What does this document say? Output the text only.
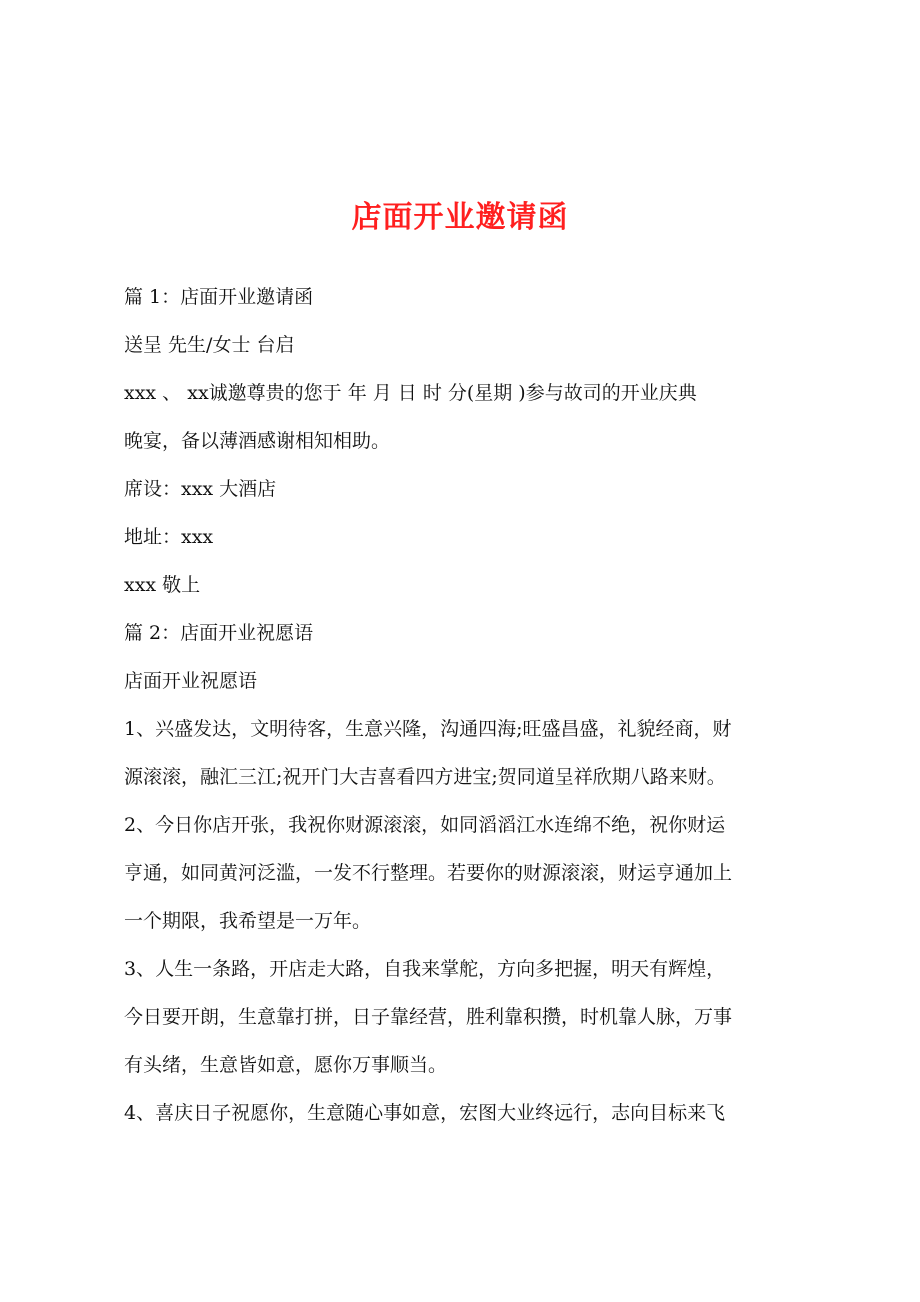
店面开业邀请函
篇 1：店面开业邀请函
送呈 先生/女士 台启
xxx 、 xx诚邀尊贵的您于 年 月 日 时 分(星期 )参与故司的开业庆典
晚宴，备以薄酒感谢相知相助。
席设：xxx 大酒店
地址：xxx
xxx 敬上
篇 2：店面开业祝愿语
店面开业祝愿语
1、兴盛发达，文明待客，生意兴隆，沟通四海;旺盛昌盛，礼貌经商，财
源滚滚，融汇三江;祝开门大吉喜看四方进宝;贺同道呈祥欣期八路来财。
2、今日你店开张，我祝你财源滚滚，如同滔滔江水连绵不绝，祝你财运
亨通，如同黄河泛滥，一发不行整理。若要你的财源滚滚，财运亨通加上
一个期限，我希望是一万年。
3、人生一条路，开店走大路，自我来掌舵，方向多把握，明天有辉煌，
今日要开朗，生意靠打拼，日子靠经营，胜利靠积攒，时机靠人脉，万事
有头绪，生意皆如意，愿你万事顺当。
4、喜庆日子祝愿你，生意随心事如意，宏图大业终远行，志向目标来飞
